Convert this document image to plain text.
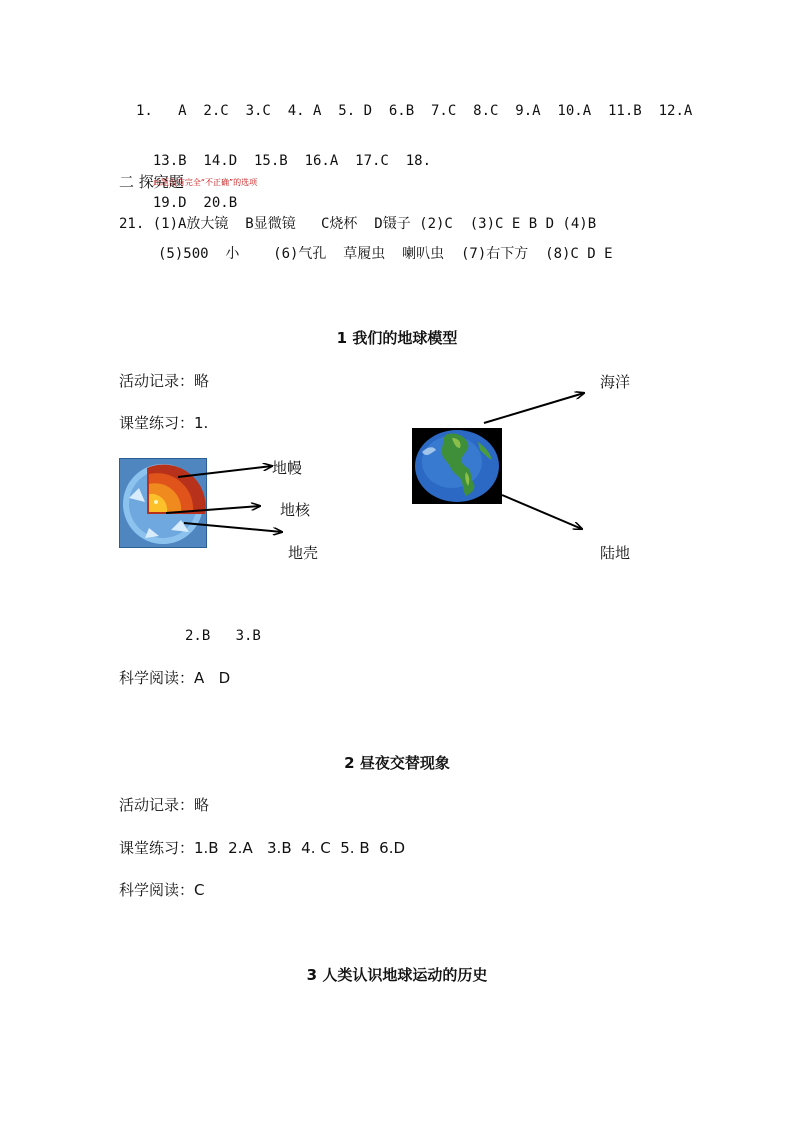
1.   A  2.C  3.C  4. A  5. D  6.B  7.C  8.C  9.A  10.A  11.B  12.A

13.B  14.D  15.B  16.A  17.C  18.
此题没有完全“不正确”的选项
19.D  20.B

二 探究题
21. (1)A放大镜  B显微镜   C烧杯  D镊子 (2)C  (3)C E B D (4)B
(5)500  小    (6)气孔  草履虫  喇叭虫  (7)右下方  (8)C D E
1 我们的地球模型
活动记录：略
课堂练习：1.
地幔
地核
地壳
海洋
陆地
2.B   3.B
科学阅读：A   D
2 昼夜交替现象
活动记录：略
课堂练习：1.B  2.A   3.B  4. C  5. B  6.D
科学阅读：C
3 人类认识地球运动的历史
